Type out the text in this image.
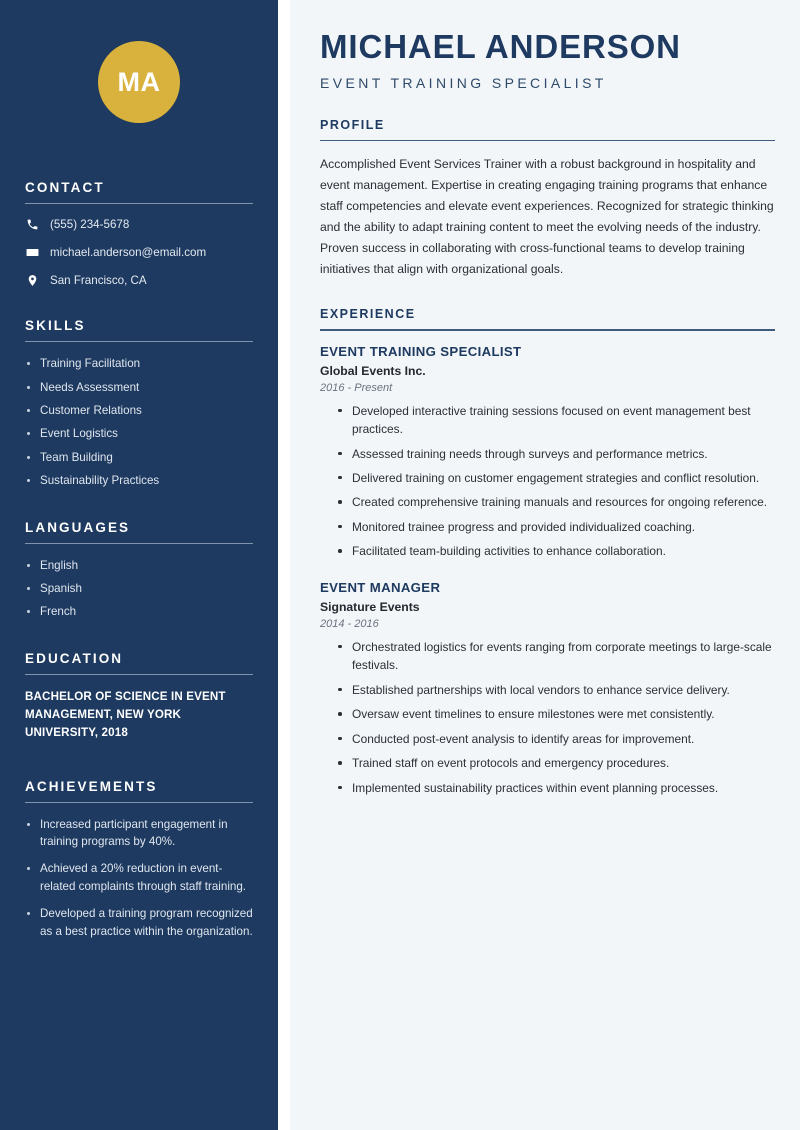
MA
CONTACT
(555) 234-5678
michael.anderson@email.com
San Francisco, CA
SKILLS
Training Facilitation
Needs Assessment
Customer Relations
Event Logistics
Team Building
Sustainability Practices
LANGUAGES
English
Spanish
French
EDUCATION
BACHELOR OF SCIENCE IN EVENT MANAGEMENT, NEW YORK UNIVERSITY, 2018
ACHIEVEMENTS
Increased participant engagement in training programs by 40%.
Achieved a 20% reduction in event-related complaints through staff training.
Developed a training program recognized as a best practice within the organization.
MICHAEL ANDERSON
EVENT TRAINING SPECIALIST
PROFILE

Accomplished Event Services Trainer with a robust background in hospitality and event management. Expertise in creating engaging training programs that enhance staff competencies and elevate event experiences. Recognized for strategic thinking and the ability to adapt training content to meet the evolving needs of the industry. Proven success in collaborating with cross-functional teams to develop training initiatives that align with organizational goals.

EXPERIENCE
EVENT TRAINING SPECIALIST
Global Events Inc.
2016 - Present
Developed interactive training sessions focused on event management best practices.
Assessed training needs through surveys and performance metrics.
Delivered training on customer engagement strategies and conflict resolution.
Created comprehensive training manuals and resources for ongoing reference.
Monitored trainee progress and provided individualized coaching.
Facilitated team-building activities to enhance collaboration.
EVENT MANAGER
Signature Events
2014 - 2016
Orchestrated logistics for events ranging from corporate meetings to large-scale festivals.
Established partnerships with local vendors to enhance service delivery.
Oversaw event timelines to ensure milestones were met consistently.
Conducted post-event analysis to identify areas for improvement.
Trained staff on event protocols and emergency procedures.
Implemented sustainability practices within event planning processes.
